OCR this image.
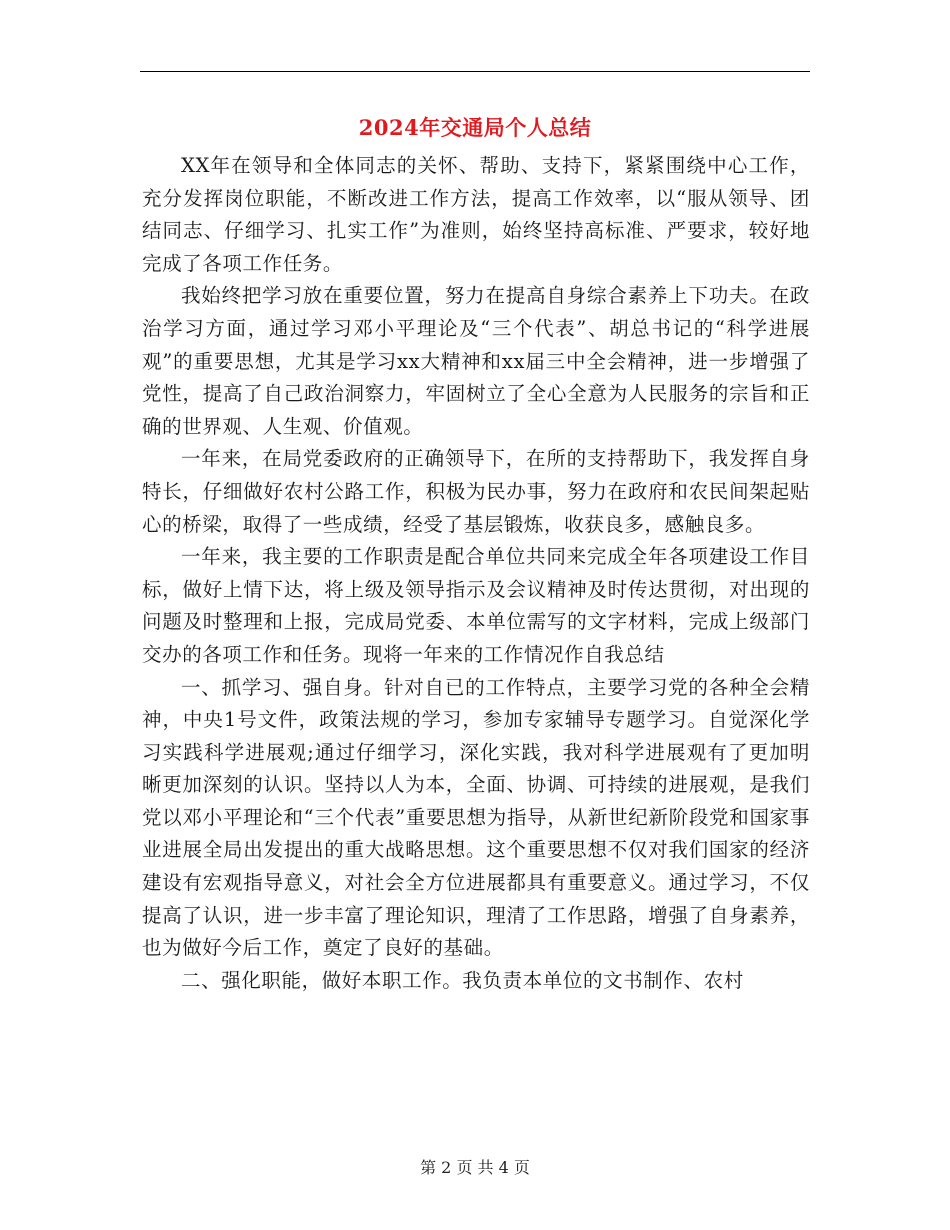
2024年交通局个人总结

XX年在领导和全体同志的关怀、帮助、支持下，紧紧围绕中心工作，充分发挥岗位职能，不断改进工作方法，提高工作效率，以“服从领导、团结同志、仔细学习、扎实工作”为准则，始终坚持高标准、严要求，较好地完成了各项工作任务。

我始终把学习放在重要位置，努力在提高自身综合素养上下功夫。在政治学习方面，通过学习邓小平理论及“三个代表”、胡总书记的“科学进展观”的重要思想，尤其是学习xx大精神和xx届三中全会精神，进一步增强了党性，提高了自己政治洞察力，牢固树立了全心全意为人民服务的宗旨和正确的世界观、人生观、价值观。

一年来，在局党委政府的正确领导下，在所的支持帮助下，我发挥自身特长，仔细做好农村公路工作，积极为民办事，努力在政府和农民间架起贴心的桥梁，取得了一些成绩，经受了基层锻炼，收获良多，感触良多。

一年来，我主要的工作职责是配合单位共同来完成全年各项建设工作目标，做好上情下达，将上级及领导指示及会议精神及时传达贯彻，对出现的问题及时整理和上报，完成局党委、本单位需写的文字材料，完成上级部门交办的各项工作和任务。现将一年来的工作情况作自我总结

一、抓学习、强自身。针对自已的工作特点，主要学习党的各种全会精神，中央1号文件，政策法规的学习，参加专家辅导专题学习。自觉深化学习实践科学进展观;通过仔细学习，深化实践，我对科学进展观有了更加明晰更加深刻的认识。坚持以人为本，全面、协调、可持续的进展观，是我们党以邓小平理论和“三个代表”重要思想为指导，从新世纪新阶段党和国家事业进展全局出发提出的重大战略思想。这个重要思想不仅对我们国家的经济建设有宏观指导意义，对社会全方位进展都具有重要意义。通过学习，不仅提高了认识，进一步丰富了理论知识，理清了工作思路，增强了自身素养，也为做好今后工作，奠定了良好的基础。

二、强化职能，做好本职工作。我负责本单位的文书制作、农村

第 2 页 共 4 页
